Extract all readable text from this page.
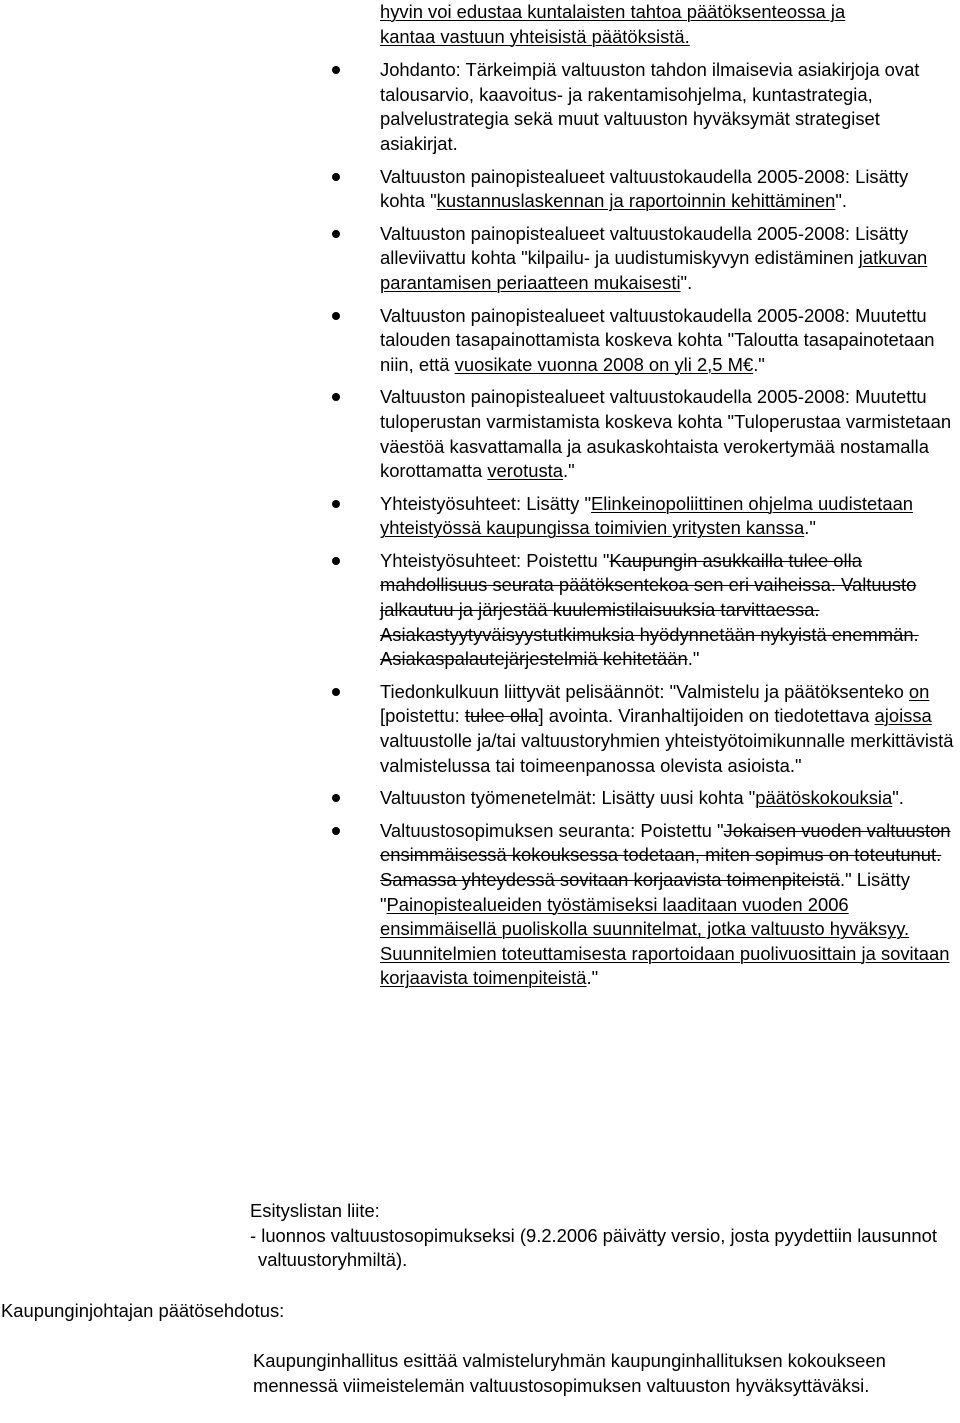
hyvin voi edustaa kuntalaisten tahtoa päätöksenteossa ja
kantaa vastuun yhteisistä päätöksistä.
Johdanto: Tärkeimpiä valtuuston tahdon ilmaisevia asiakirjoja ovat talousarvio, kaavoitus- ja rakentamisohjelma, kuntastrategia, palvelustrategia sekä muut valtuuston hyväksymät strategiset asiakirjat.
Valtuuston painopistealueet valtuustokaudella 2005-2008: Lisätty kohta "kustannuslaskennan ja raportoinnin kehittäminen".
Valtuuston painopistealueet valtuustokaudella 2005-2008: Lisätty alleviivattu kohta "kilpailu- ja uudistumiskyvyn edistäminen jatkuvan parantamisen periaatteen mukaisesti".
Valtuuston painopistealueet valtuustokaudella 2005-2008: Muutettu talouden tasapainottamista koskeva kohta "Taloutta tasapainotetaan niin, että vuosikate vuonna 2008 on yli 2,5 M€."
Valtuuston painopistealueet valtuustokaudella 2005-2008: Muutettu tuloperustan varmistamista koskeva kohta "Tuloperustaa varmistetaan väestöä kasvattamalla ja asukaskohtaista verokertymää nostamalla korottamatta verotusta."
Yhteistyösuhteet: Lisätty "Elinkeinopoliittinen ohjelma uudistetaan yhteistyössä kaupungissa toimivien yritysten kanssa."
Yhteistyösuhteet: Poistettu "Kaupungin asukkailla tulee olla mahdollisuus seurata päätöksentekoa sen eri vaiheissa. Valtuusto jalkautuu ja järjestää kuulemistilaisuuksia tarvittaessa. Asiakastyytyväisyystutkimuksia hyödynnetään nykyistä enemmän. Asiakaspalautejärjestelmiä kehitetään."
Tiedonkulkuun liittyvät pelisäännöt: "Valmistelu ja päätöksenteko on [poistettu: tulee olla] avointa. Viranhaltijoiden on tiedotettava ajoissa valtuustolle ja/tai valtuustoryhmien yhteistyötoimikunnalle merkittävistä valmistelussa tai toimeenpanossa olevista asioista."
Valtuuston työmenetelmät: Lisätty uusi kohta "päätöskokouksia".
Valtuustosopimuksen seuranta: Poistettu "Jokaisen vuoden valtuuston ensimmäisessä kokouksessa todetaan, miten sopimus on toteutunut. Samassa yhteydessä sovitaan korjaavista toimenpiteistä." Lisätty "Painopistealueiden työstämiseksi laaditaan vuoden 2006 ensimmäisellä puoliskolla suunnitelmat, jotka valtuusto hyväksyy. Suunnitelmien toteuttamisesta raportoidaan puolivuosittain ja sovitaan korjaavista toimenpiteistä."
Esityslistan liite:
- luonnos valtuustosopimukseksi (9.2.2006 päivätty versio, josta pyydettiin lausunnot valtuustoryhmiltä).
Kaupunginjohtajan päätösehdotus:
Kaupunginhallitus esittää valmisteluryhmän kaupunginhallituksen kokoukseen mennessä viimeistelemän valtuustosopimuksen valtuuston hyväksyttäväksi.
